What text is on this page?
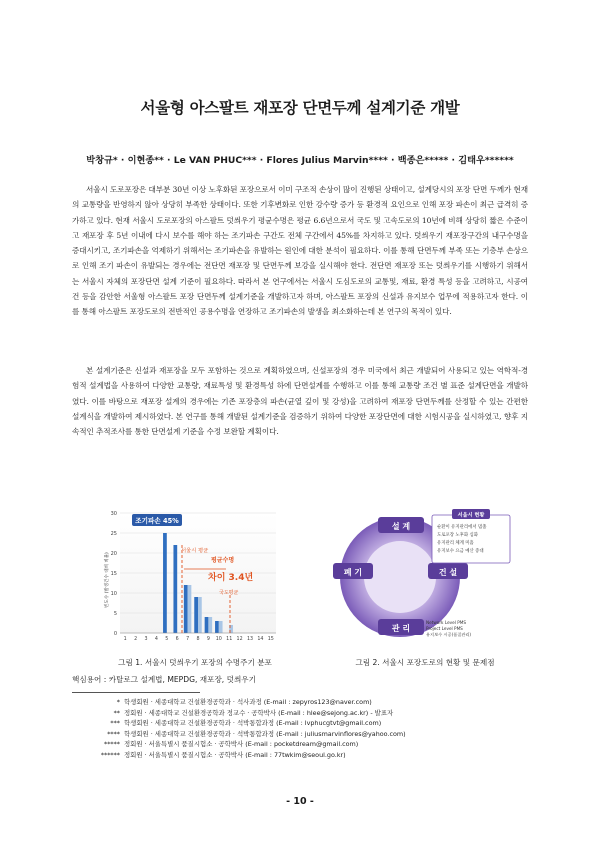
서울형 아스팔트 재포장 단면두께 설계기준 개발
박창규* · 이현종** · Le VAN PHUC*** · Flores Julius Marvin**** · 백종은***** · 김태우******

서울시 도로포장은 대부분 30년 이상 노후화된 포장으로서 이미 구조적 손상이 많이 진행된 상태이고, 설계당시의 포장 단면 두께가 현재의 교통량을 반영하지 않아 상당히 부족한 상태이다. 또한 기후변화로 인한 강수량 증가 등 환경적 요인으로 인해 포장 파손이 최근 급격히 증가하고 있다. 현재 서울시 도로포장의 아스팔트 덧씌우기 평균수명은 평균 6.6년으로서 국도 및 고속도로의 10년에 비해 상당히 짧은 수준이고 재포장 후 5년 이내에 다시 보수를 해야 하는 조기파손 구간도 전체 구간에서 45%를 차지하고 있다. 덧씌우기 재포장구간의 내구수명을 증대시키고, 조기파손을 억제하기 위해서는 조기파손을 유발하는 원인에 대한 분석이 필요하다. 이를 통해 단면두께 부족 또는 기층부 손상으로 인해 조기 파손이 유발되는 경우에는 전단면 재포장 및 단면두께 보강을 실시해야 한다. 전단면 재포장 또는 덧씌우기를 시행하기 위해서는 서울시 자체의 포장단면 설계 기준이 필요하다. 따라서 본 연구에서는 서울시 도심도로의 교통및, 재료, 환경 특성 등을 고려하고, 시공여건 등을 감안한 서울형 아스팔트 포장 단면두께 설계기준을 개발하고자 하며, 아스팔트 포장의 신설과 유지보수 업무에 적용하고자 한다. 이를 통해 아스팔트 포장도로의 전반적인 공용수명을 연장하고 조기파손의 발생을 최소화하는데 본 연구의 목적이 있다.

본 설계기준은 신설과 재포장을 모두 포함하는 것으로 계획하였으며, 신설포장의 경우 미국에서 최근 개발되어 사용되고 있는 역학적-경험적 설계법을 사용하여 다양한 교통량, 재료특성 및 환경특성 하에 단면설계를 수행하고 이를 통해 교통량 조건 별 표준 설계단면을 개발하였다. 이를 바탕으로 재포장 설계의 경우에는 기존 포장층의 파손(균열 깊이 및 강성)을 고려하여 재포장 단면두께를 산정할 수 있는 간편한 설계식을 개발하여 제시하였다. 본 연구를 통해 개발된 설계기준을 검증하기 위하여 다양한 포장단면에 대한 시험시공을 실시하였고, 향후 지속적인 추적조사를 통한 단면설계 기준을 수정 보완할 계획이다.

0
5
10
15
20
25
30
1 2 3 4 5 6 7 8 9 10 11 12 13 14 15
빈도수 (발생건수 대비 비율)
조기파손 45%
서울시 평균
평균수명
차이 3.4년
국도평균
설 계
건 설
관 리
폐 기
서울시 현황
순환이 유지관리에서 멈춤
도로포장 노후화 심화
유지관리 체계 미흡
유지보수 요금 예산 증대
Network Level PMS
Project Level PMS
유지보수 시공(품질관리)
그림 1. 서울시 덧씌우기 포장의 수명주기 분포	그림 2. 서울시 포장도로의 현황 및 문제점
핵심용어 : 카탈로그 설계법, MEPDG, 재포장, 덧씌우기
* 학생회원 · 세종대학교 건설환경공학과 · 석사과정 (E-mail : zepyros123@naver.com)
** 정회원 · 세종대학교 건설환경공학과 정교수 · 공학박사 (E-mail : hlee@sejong.ac.kr) - 발표자
*** 학생회원 · 세종대학교 건설환경공학과 · 석박통합과정 (E-mail : lvphucgtvt@gmail.com)
**** 학생회원 · 세종대학교 건설환경공학과 · 석박통합과정 (E-mail : juliusmarvinflores@yahoo.com)
***** 정회원 · 서울특별시 품질시험소 · 공학박사 (E-mail : pocketdream@gmail.com)
****** 정회원 · 서울특별시 품질시험소 · 공학박사 (E-mail : 77twkim@seoul.go.kr)
- 10 -
